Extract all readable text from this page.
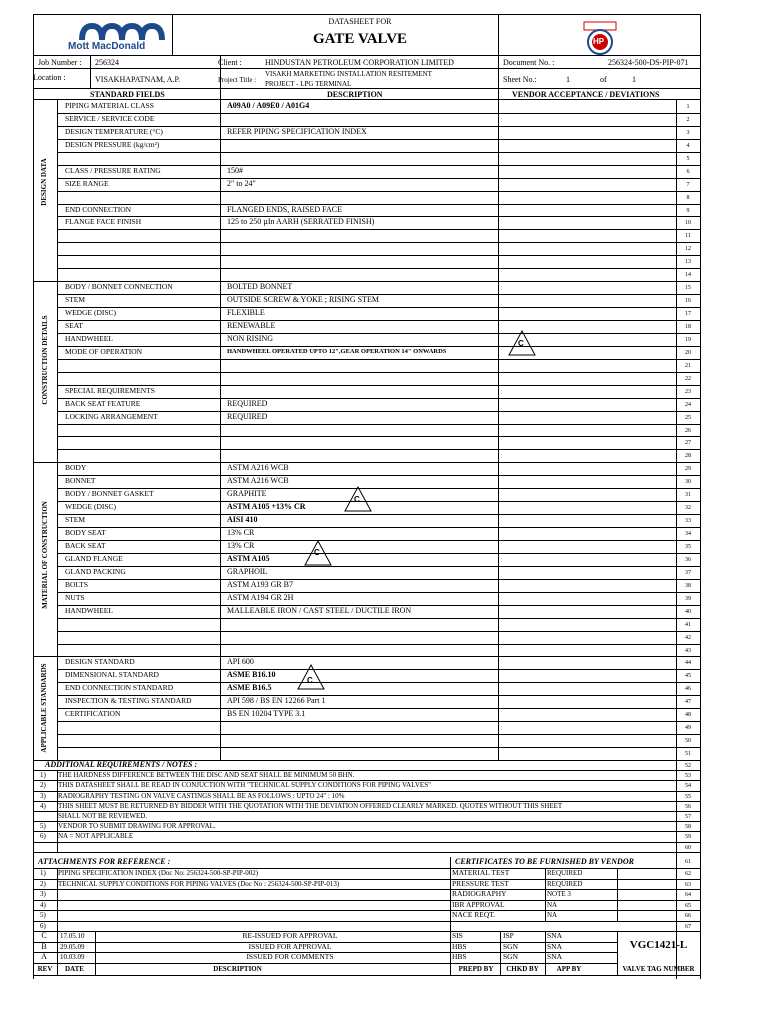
Mott MacDonald
DATASHEET FOR
GATE VALVE	HP
Job Number : 256324	Client :	HINDUSTAN PETROLEUM CORPORATION LIMITED	Document No. :	256324-500-DS-PIP-071
Location :	VISAKHAPATNAM, A.P.	Project Title :
VISAKH MARKETING INSTALLATION RESITEMENT
PROJECT - LPG TERMINAL	Sheet No.:	1	of	1
STANDARD FIELDS	DESCRIPTION	VENDOR ACCEPTANCE / DEVIATIONS
DESIGN DATA
CONSTRUCTION DETAILS
MATERIAL OF CONSTRUCTION
APPLICABLE STANDARDS
C
C
C
C
1
PIPING MATERIAL CLASS	A09A0 / A09E0 / A01G4
2
SERVICE / SERVICE CODE
3
DESIGN TEMPERATURE (°C)	REFER PIPING SPECIFICATION INDEX
4
DESIGN PRESSURE (kg/cm²)
5
6
CLASS / PRESSURE RATING	150#
7
SIZE RANGE	2" to 24"
8
9
END CONNECTION	FLANGED ENDS, RAISED FACE
10
FLANGE FACE FINISH	125 to 250 µIn AARH (SERRATED FINISH)
11
12
13
14
15
BODY / BONNET CONNECTION	BOLTED BONNET
16
STEM	OUTSIDE SCREW & YOKE ; RISING STEM
17
WEDGE (DISC)	FLEXIBLE
18
SEAT	RENEWABLE
19
HANDWHEEL	NON RISING
20
MODE OF OPERATION	HANDWHEEL OPERATED UPTO 12",GEAR OPERATION 14" ONWARDS
21
22
23
SPECIAL REQUIREMENTS
24
BACK SEAT FEATURE	REQUIRED
25
LOCKING ARRANGEMENT	REQUIRED
26
27
28
29
BODY	ASTM A216 WCB
30
BONNET	ASTM A216 WCB
31
BODY / BONNET GASKET	GRAPHITE
32
WEDGE (DISC)	ASTM A105 +13% CR
33
STEM	AISI 410
34
BODY SEAT	13% CR
35
BACK SEAT	13% CR
36
GLAND FLANGE	ASTM A105
37
GLAND PACKING	GRAPHOIL
38
BOLTS	ASTM A193 GR B7
39
NUTS	ASTM A194 GR 2H
40
HANDWHEEL	MALLEABLE IRON / CAST STEEL / DUCTILE IRON
41
42
43
44
DESIGN STANDARD	API 600
45
DIMENSIONAL STANDARD	ASME B16.10
46
END CONNECTION STANDARD	ASME B16.5
47
INSPECTION & TESTING STANDARD	API 598 / BS EN 12266 Part 1
48
CERTIFICATION	BS EN 10204 TYPE 3.1
49
50
51
ADDITIONAL REQUIREMENTS / NOTES :	52
53
1) THE HARDNESS DIFFERENCE BETWEEN THE DISC AND SEAT SHALL BE MINIMUM 50 BHN.
54
2) THIS DATASHEET SHALL BE READ IN CONJUCTION WITH "TECHNICAL SUPPLY CONDITIONS FOR PIPING VALVES"
55
3) RADIOGRAPHY TESTING ON VALVE CASTINGS SHALL BE AS FOLLOWS : UPTO 24" : 10%
56
4) THIS SHEET MUST BE RETURNED BY BIDDER WITH THE QUOTATION WITH THE DEVIATION OFFERED CLEARLY MARKED. QUOTES WITHOUT THIS SHEET
57
SHALL NOT BE REVIEWED.
58
5) VENDOR TO SUBMIT DRAWING FOR APPROVAL.
59
6) NA = NOT APPLICABLE
60
61
ATTACHMENTS FOR REFERENCE :	CERTIFICATES TO BE FURNISHED BY VENDOR
62
1) PIPING SPECIFICATION INDEX (Doc No: 256324-500-SP-PIP-002)	MATERIAL TEST	REQUIRED
63
2) TECHNICAL SUPPLY CONDITIONS FOR PIPING VALVES (Doc No : 256324-500-SP-PIP-013)	PRESSURE TEST	REQUIRED
64
3)	RADIOGRAPHY	NOTE 3
65
4)	IBR APPROVAL	NA
66
5)	NACE REQT.	NA
67
6)
C	17.05.10	RE-ISSUED FOR APPROVAL	SIS	ISP	SNA
B	29.05.09	ISSUED FOR APPROVAL	HBS	SGN	SNA
A	10.03.09	ISSUED FOR COMMENTS	HBS	SGN	SNA
VGC1421-L
REV	DATE	DESCRIPTION	PREPD BY	CHKD BY	APP BY	VALVE TAG NUMBER
